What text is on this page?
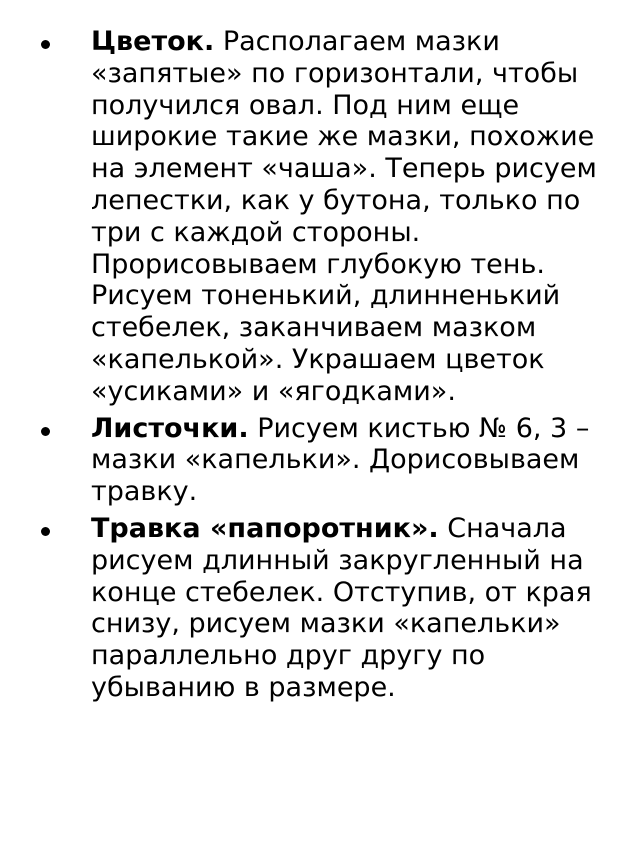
Цветок. Располагаем мазки «запятые» по горизонтали, чтобы получился овал. Под ним еще широкие такие же мазки, похожие на элемент «чаша». Теперь рисуем лепестки, как у бутона, только по три с каждой стороны. Прорисовываем глубокую тень. Рисуем тоненький, длинненький стебелек, заканчиваем мазком «капелькой». Украшаем цветок «усиками» и «ягодками».
Листочки. Рисуем кистью № 6, 3 – мазки «капельки». Дорисовываем травку.
Травка «папоротник». Сначала рисуем длинный закругленный на конце стебелек. Отступив, от края снизу, рисуем мазки «капельки» параллельно друг другу по убыванию в размере.
